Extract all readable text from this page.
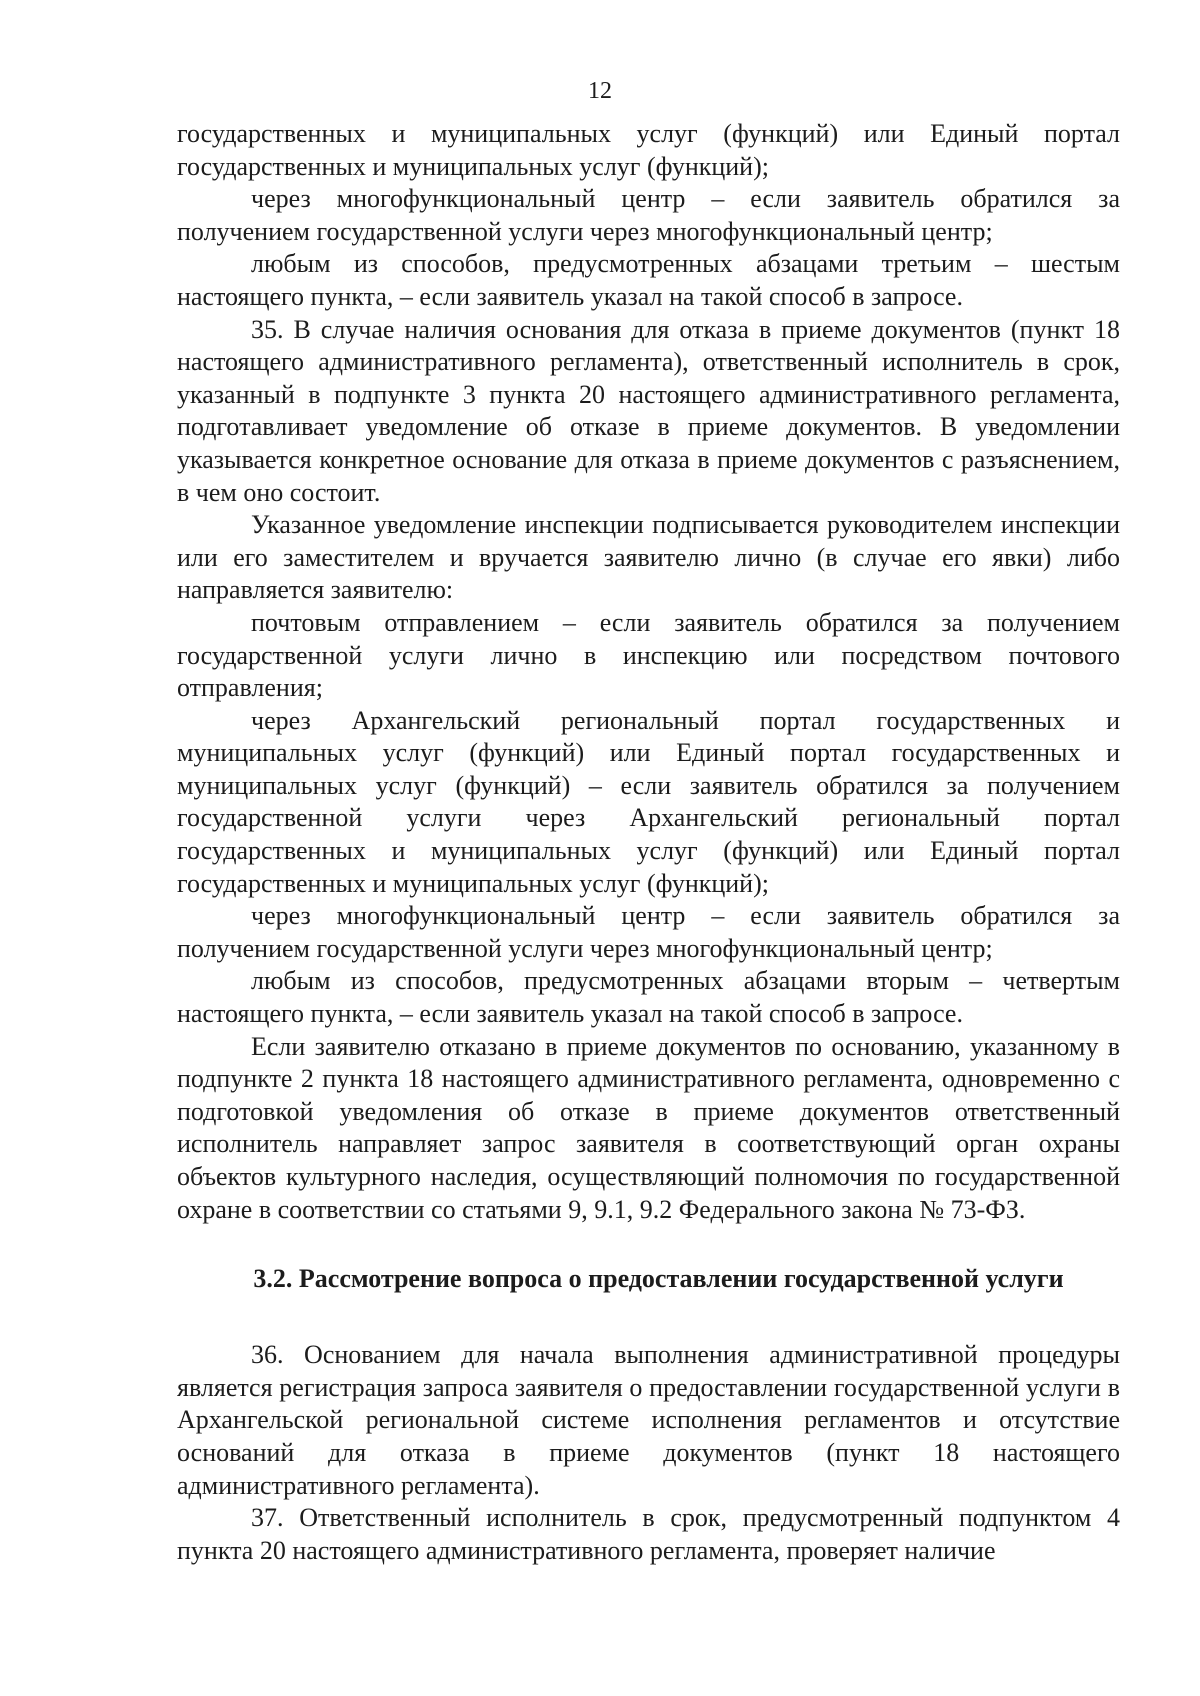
12

государственных и муниципальных услуг (функций) или Единый портал государственных и муниципальных услуг (функций);

через многофункциональный центр – если заявитель обратился за получением государственной услуги через многофункциональный центр;

любым из способов, предусмотренных абзацами третьим – шестым настоящего пункта, – если заявитель указал на такой способ в запросе.

35. В случае наличия основания для отказа в приеме документов (пункт 18 настоящего административного регламента), ответственный исполнитель в срок, указанный в подпункте 3 пункта 20 настоящего административного регламента, подготавливает уведомление об отказе в приеме документов. В уведомлении указывается конкретное основание для отказа в приеме документов с разъяснением, в чем оно состоит.

Указанное уведомление инспекции подписывается руководителем инспекции или его заместителем и вручается заявителю лично (в случае его явки) либо направляется заявителю:

почтовым отправлением – если заявитель обратился за получением государственной услуги лично в инспекцию или посредством почтового отправления;

через Архангельский региональный портал государственных и муниципальных услуг (функций) или Единый портал государственных и муниципальных услуг (функций) – если заявитель обратился за получением государственной услуги через Архангельский региональный портал государственных и муниципальных услуг (функций) или Единый портал государственных и муниципальных услуг (функций);

через многофункциональный центр – если заявитель обратился за получением государственной услуги через многофункциональный центр;

любым из способов, предусмотренных абзацами вторым – четвертым настоящего пункта, – если заявитель указал на такой способ в запросе.

Если заявителю отказано в приеме документов по основанию, указанному в подпункте 2 пункта 18 настоящего административного регламента, одновременно с подготовкой уведомления об отказе в приеме документов ответственный исполнитель направляет запрос заявителя в соответствующий орган охраны объектов культурного наследия, осуществляющий полномочия по государственной охране в соответствии со статьями 9, 9.1, 9.2 Федерального закона № 73-ФЗ.

3.2. Рассмотрение вопроса о предоставлении государственной услуги

36. Основанием для начала выполнения административной процедуры является регистрация запроса заявителя о предоставлении государственной услуги в Архангельской региональной системе исполнения регламентов и отсутствие оснований для отказа в приеме документов (пункт 18 настоящего административного регламента).

37. Ответственный исполнитель в срок, предусмотренный подпунктом 4 пункта 20 настоящего административного регламента, проверяет наличие
